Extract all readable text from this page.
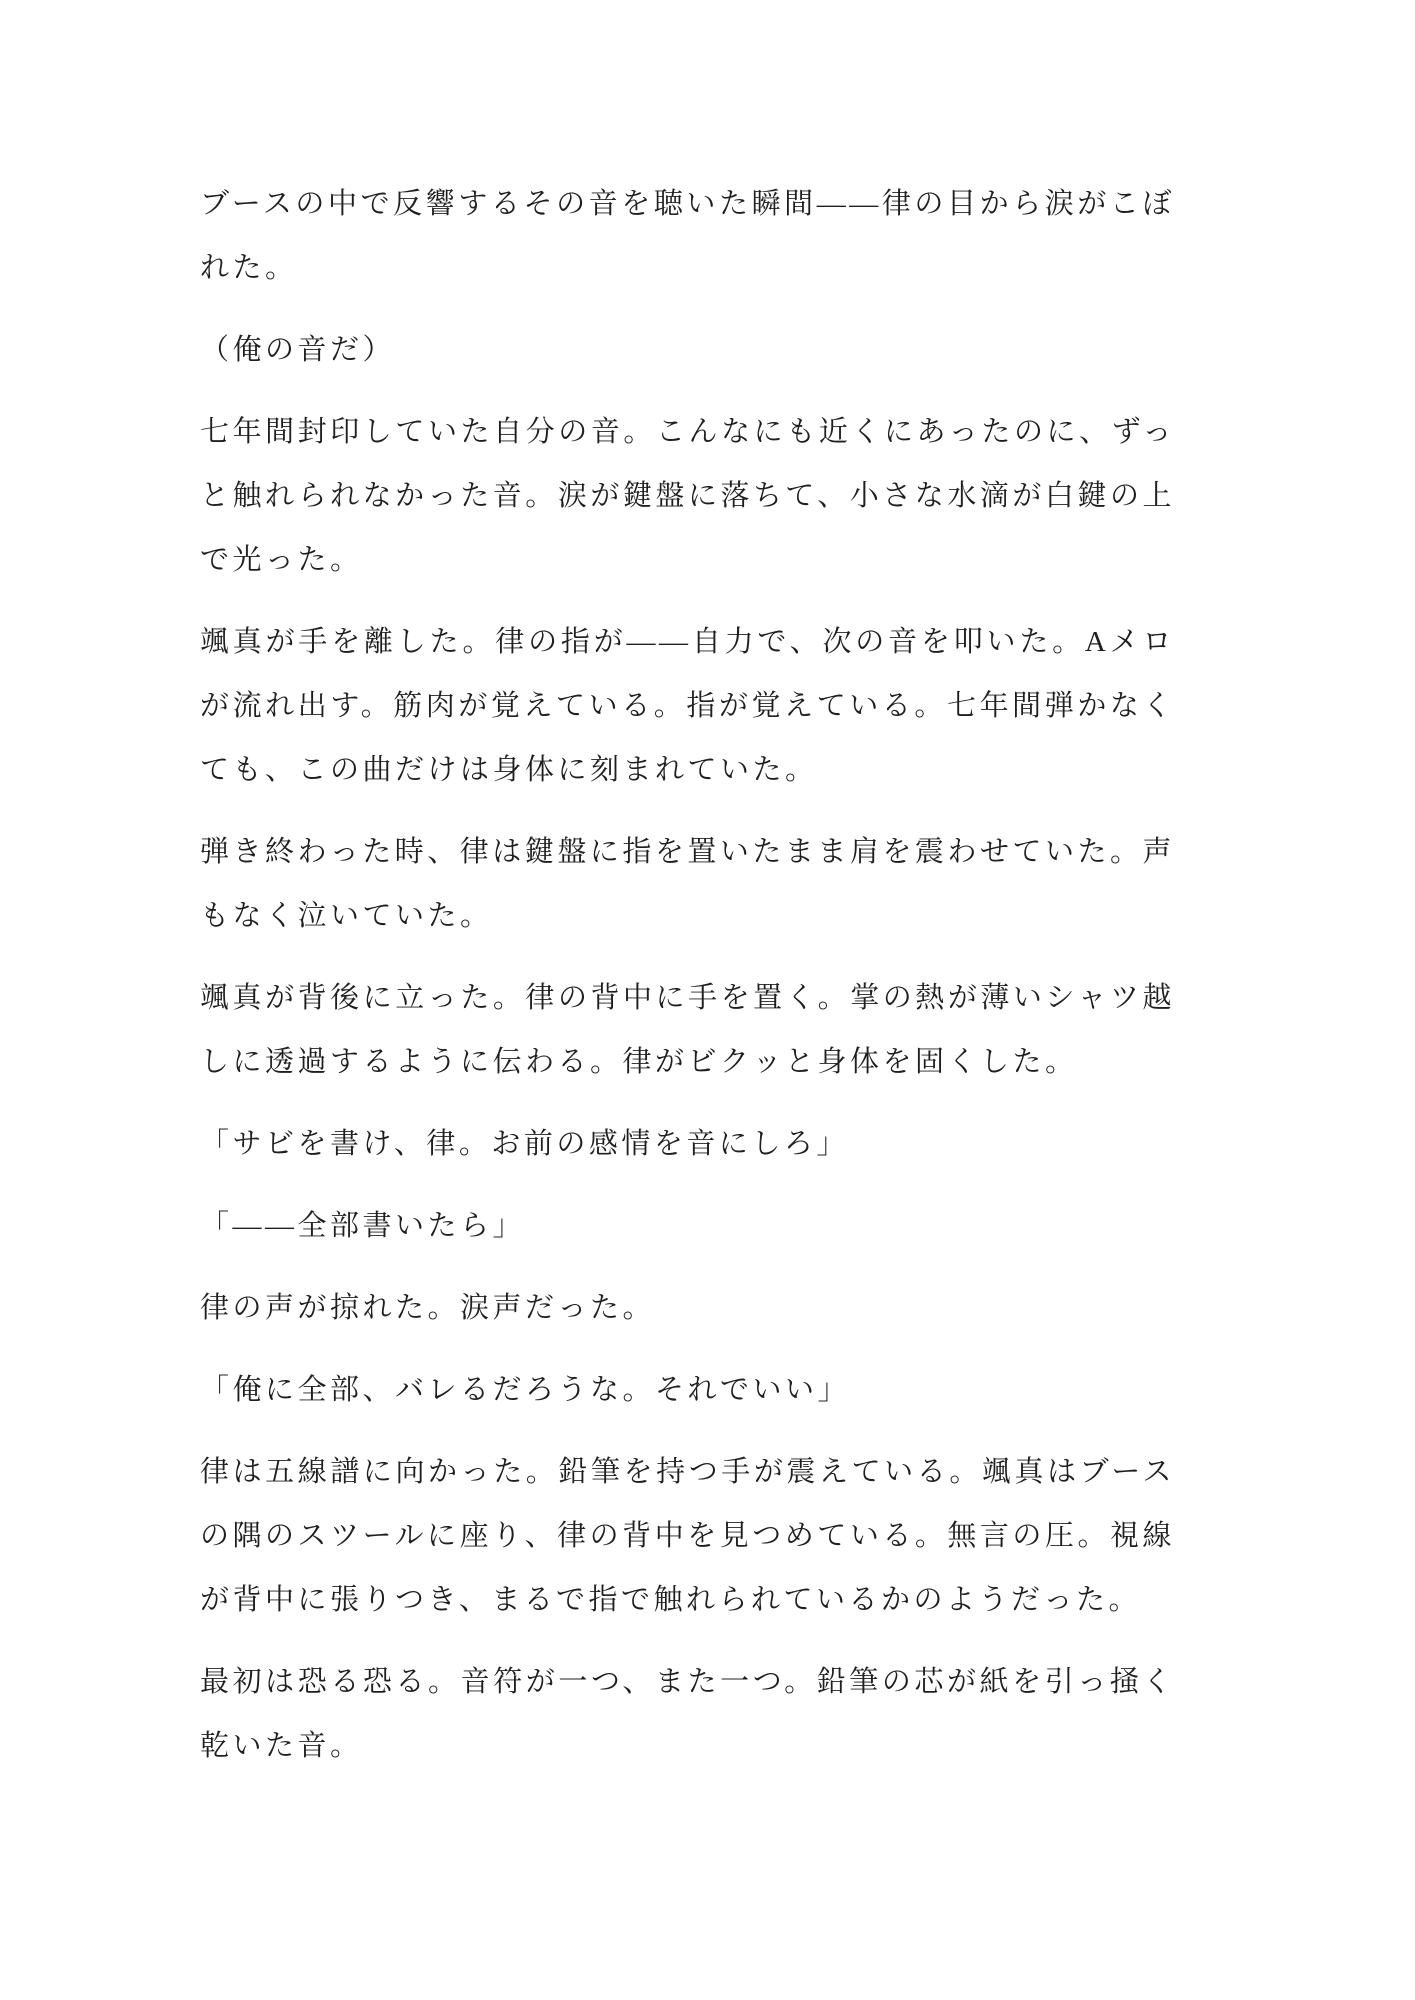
ブースの中で反響するその音を聴いた瞬間——律の目から涙がこぼれた。

（俺の音だ）

七年間封印していた自分の音。こんなにも近くにあったのに、ずっと触れられなかった音。涙が鍵盤に落ちて、小さな水滴が白鍵の上で光った。

颯真が手を離した。律の指が——自力で、次の音を叩いた。Aメロが流れ出す。筋肉が覚えている。指が覚えている。七年間弾かなくても、この曲だけは身体に刻まれていた。

弾き終わった時、律は鍵盤に指を置いたまま肩を震わせていた。声もなく泣いていた。

颯真が背後に立った。律の背中に手を置く。掌の熱が薄いシャツ越しに透過するように伝わる。律がビクッと身体を固くした。

「サビを書け、律。お前の感情を音にしろ」

「——全部書いたら」

律の声が掠れた。涙声だった。

「俺に全部、バレるだろうな。それでいい」

律は五線譜に向かった。鉛筆を持つ手が震えている。颯真はブースの隅のスツールに座り、律の背中を見つめている。無言の圧。視線が背中に張りつき、まるで指で触れられているかのようだった。

最初は恐る恐る。音符が一つ、また一つ。鉛筆の芯が紙を引っ掻く乾いた音。
